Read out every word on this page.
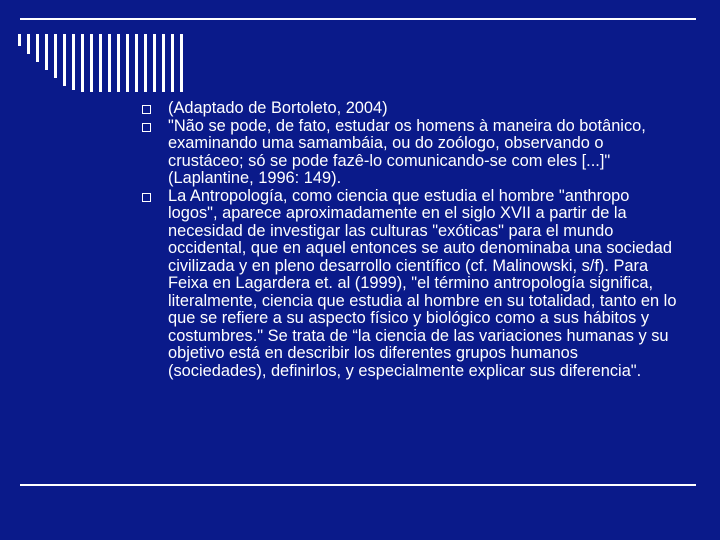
(Adaptado de Bortoleto, 2004)

"Não se pode, de fato, estudar os homens à maneira do botânico, examinando uma samambáia, ou do zoólogo, observando o crustáceo; só se pode fazê-lo comunicando-se com eles [...]" (Laplantine, 1996: 149).

La Antropología, como ciencia que estudia el hombre "anthropo logos", aparece aproximadamente en el siglo XVII a partir de la necesidad de investigar las culturas "exóticas" para el mundo occidental, que en aquel entonces se auto denominaba una sociedad civilizada y en pleno desarrollo científico (cf. Malinowski, s/f). Para Feixa en Lagardera et. al (1999), "el término antropología significa, literalmente, ciencia que estudia al hombre en su totalidad, tanto en lo que se refiere a su aspecto físico y biológico como a sus hábitos y costumbres." Se trata de “la ciencia de las variaciones humanas y su objetivo está en describir los diferentes grupos humanos (sociedades), definirlos, y especialmente explicar sus diferencia".
